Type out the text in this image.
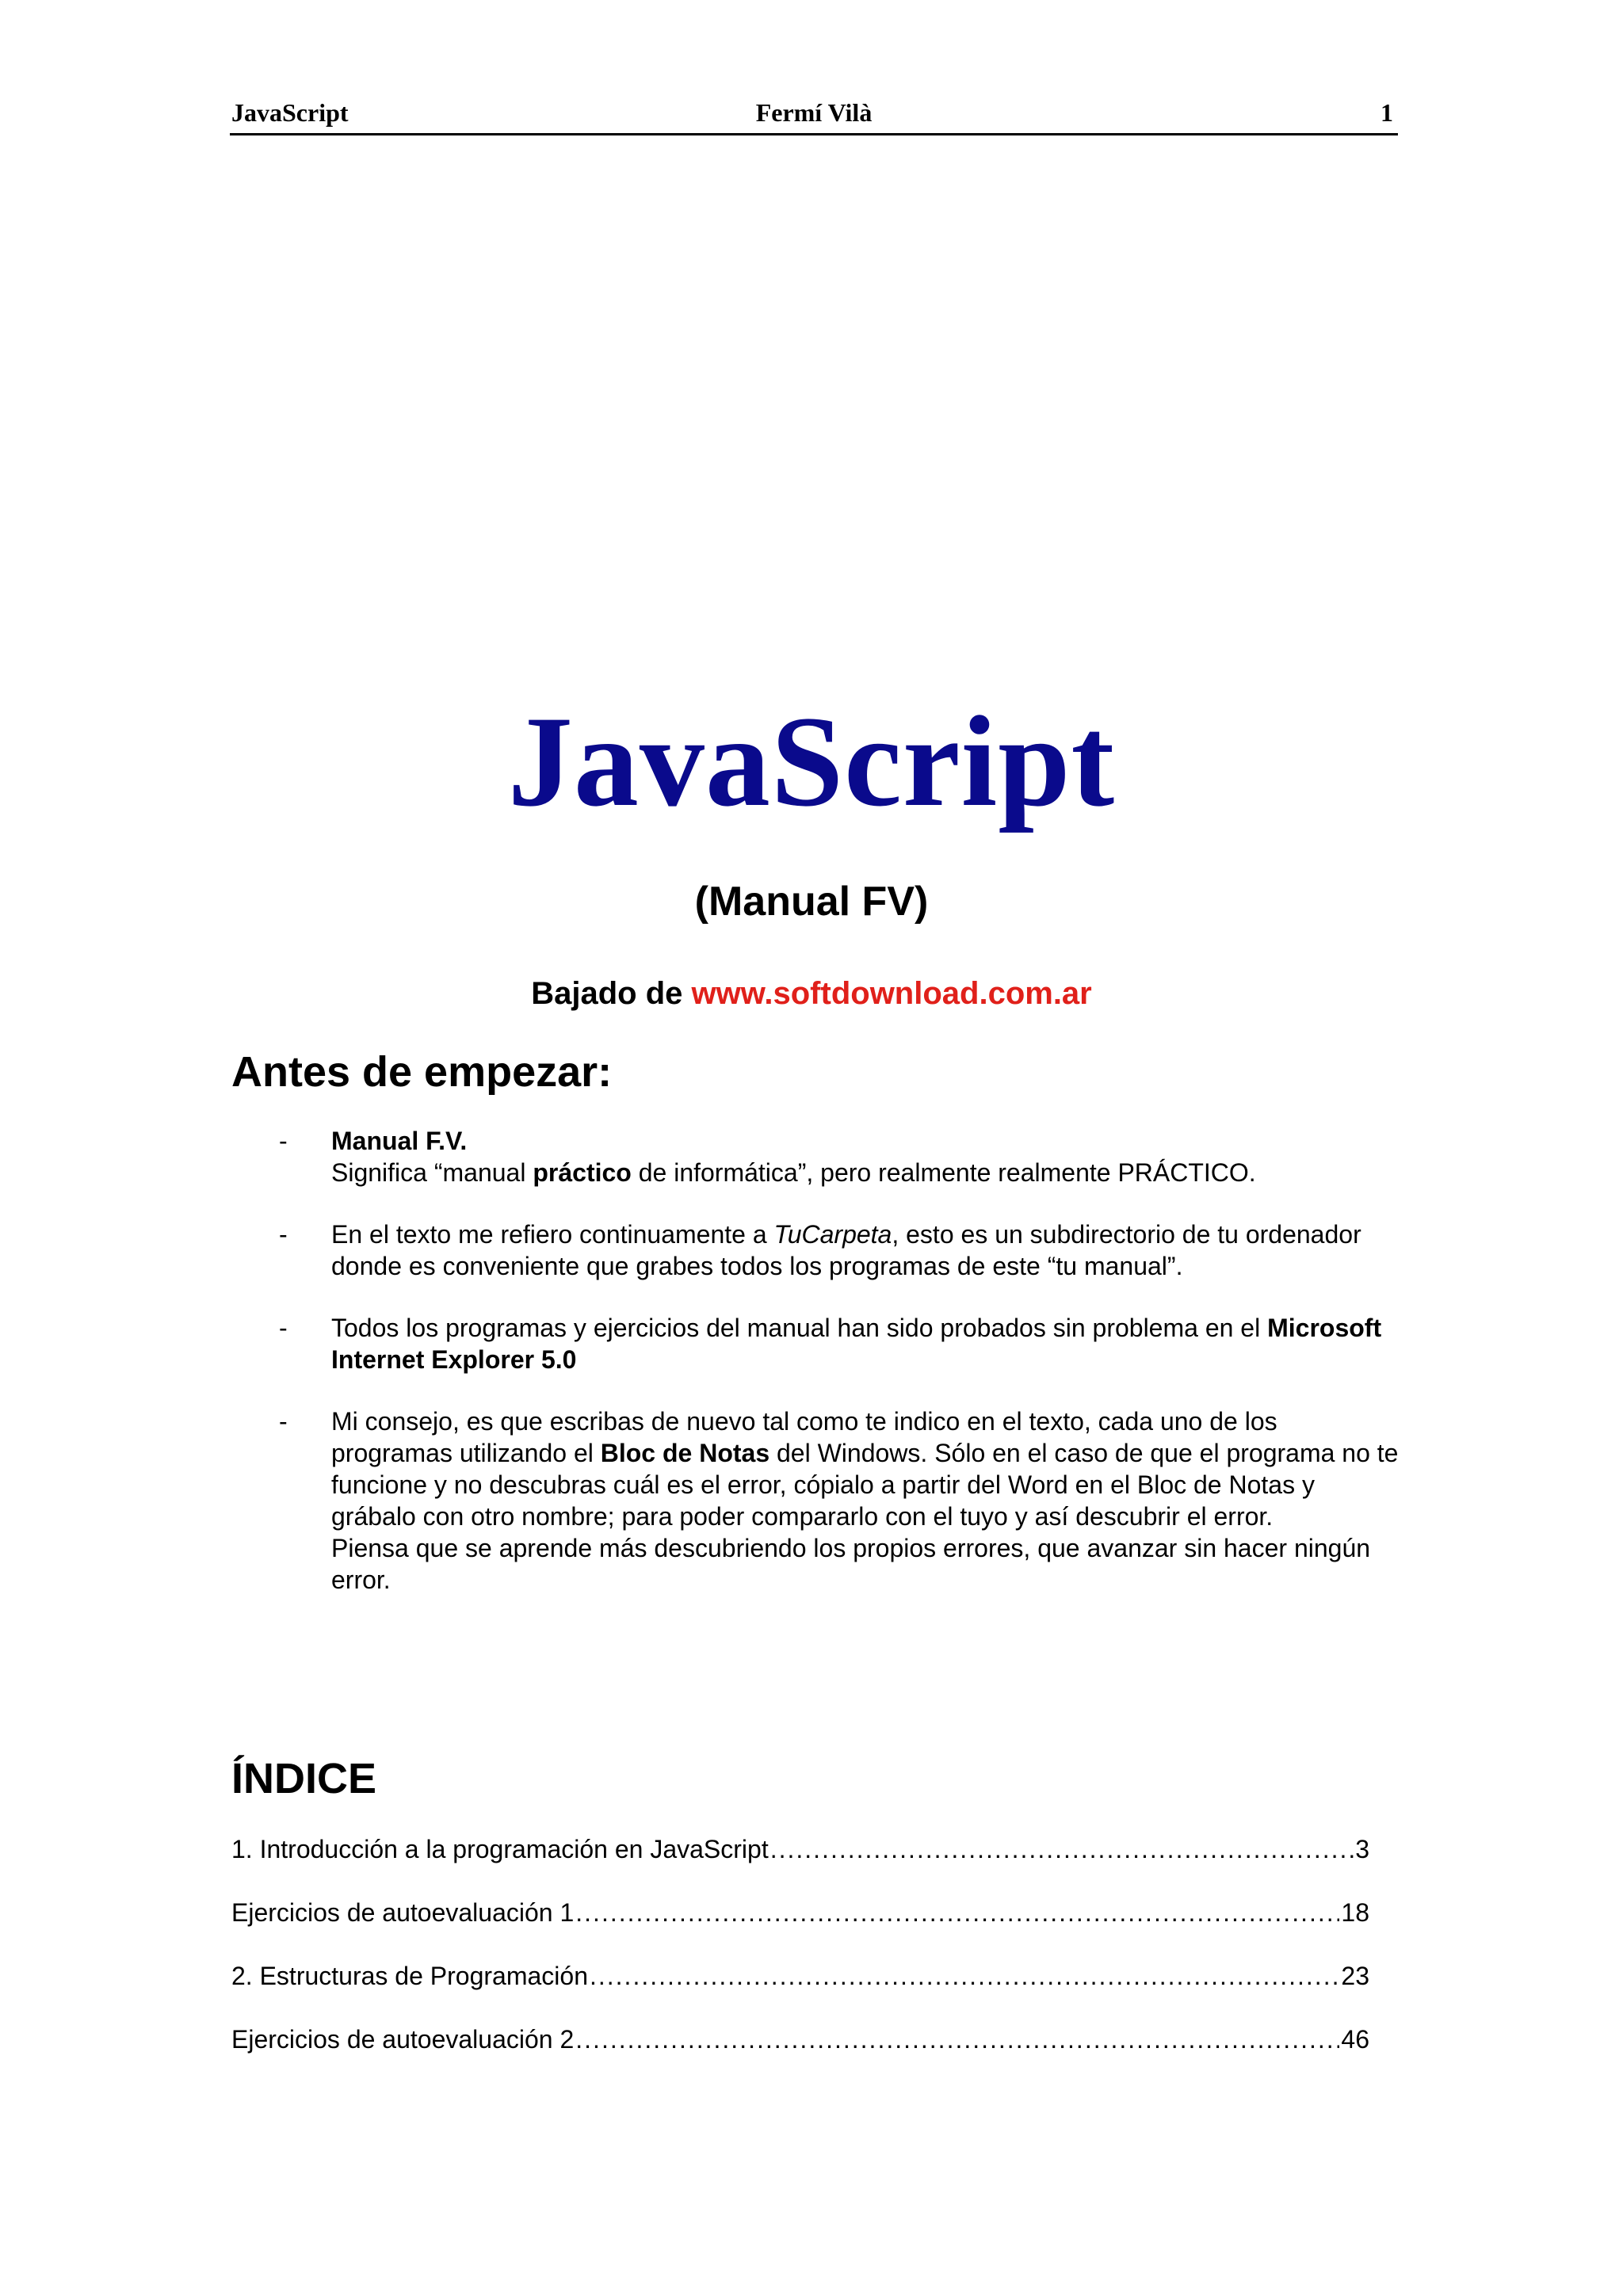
JavaScript	Fermí Vilà	1
JavaScript
(Manual FV)
Bajado de www.softdownload.com.ar
Antes de empezar:
- Manual F.V.
Significa “manual práctico de informática”, pero realmente realmente PRÁCTICO.
- En el texto me refiero continuamente a TuCarpeta, esto es un subdirectorio de tu ordenador donde es conveniente que grabes todos los programas de este “tu manual”.
- Todos los programas y ejercicios del manual han sido probados sin problema en el Microsoft Internet Explorer 5.0
- Mi consejo, es que escribas de nuevo tal como te indico en el texto, cada uno de los programas utilizando el Bloc de Notas del Windows. Sólo en el caso de que el programa no te funcione y no descubras cuál es el error, cópialo a partir del Word en el Bloc de Notas y grábalo con otro nombre; para poder compararlo con el tuyo y así descubrir el error.
Piensa que se aprende más descubriendo los propios errores, que avanzar sin hacer ningún error.
ÍNDICE
1. Introducción a la programación en JavaScript .....	3
Ejercicios de autoevaluación 1 .....	18
2. Estructuras de Programación .....	23
Ejercicios de autoevaluación 2 .....	46
